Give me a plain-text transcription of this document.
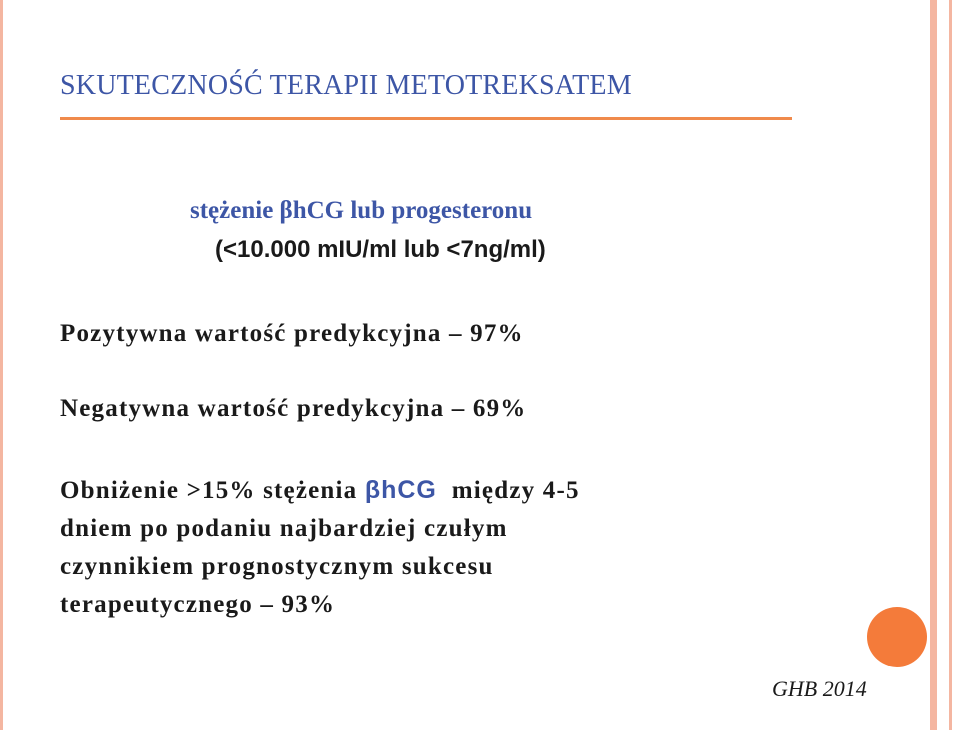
SKUTECZNOŚĆ TERAPII METOTREKSATEM
stężenie βhCG lub progesteronu
(<10.000 mIU/ml lub <7ng/ml)

Pozytywna wartość predykcyjna – 97%

Negatywna wartość predykcyjna – 69%

Obniżenie >15% stężenia βhCG  między 4-5
dniem po podaniu najbardziej czułym
czynnikiem prognostycznym sukcesu
terapeutycznego – 93%

GHB 2014
